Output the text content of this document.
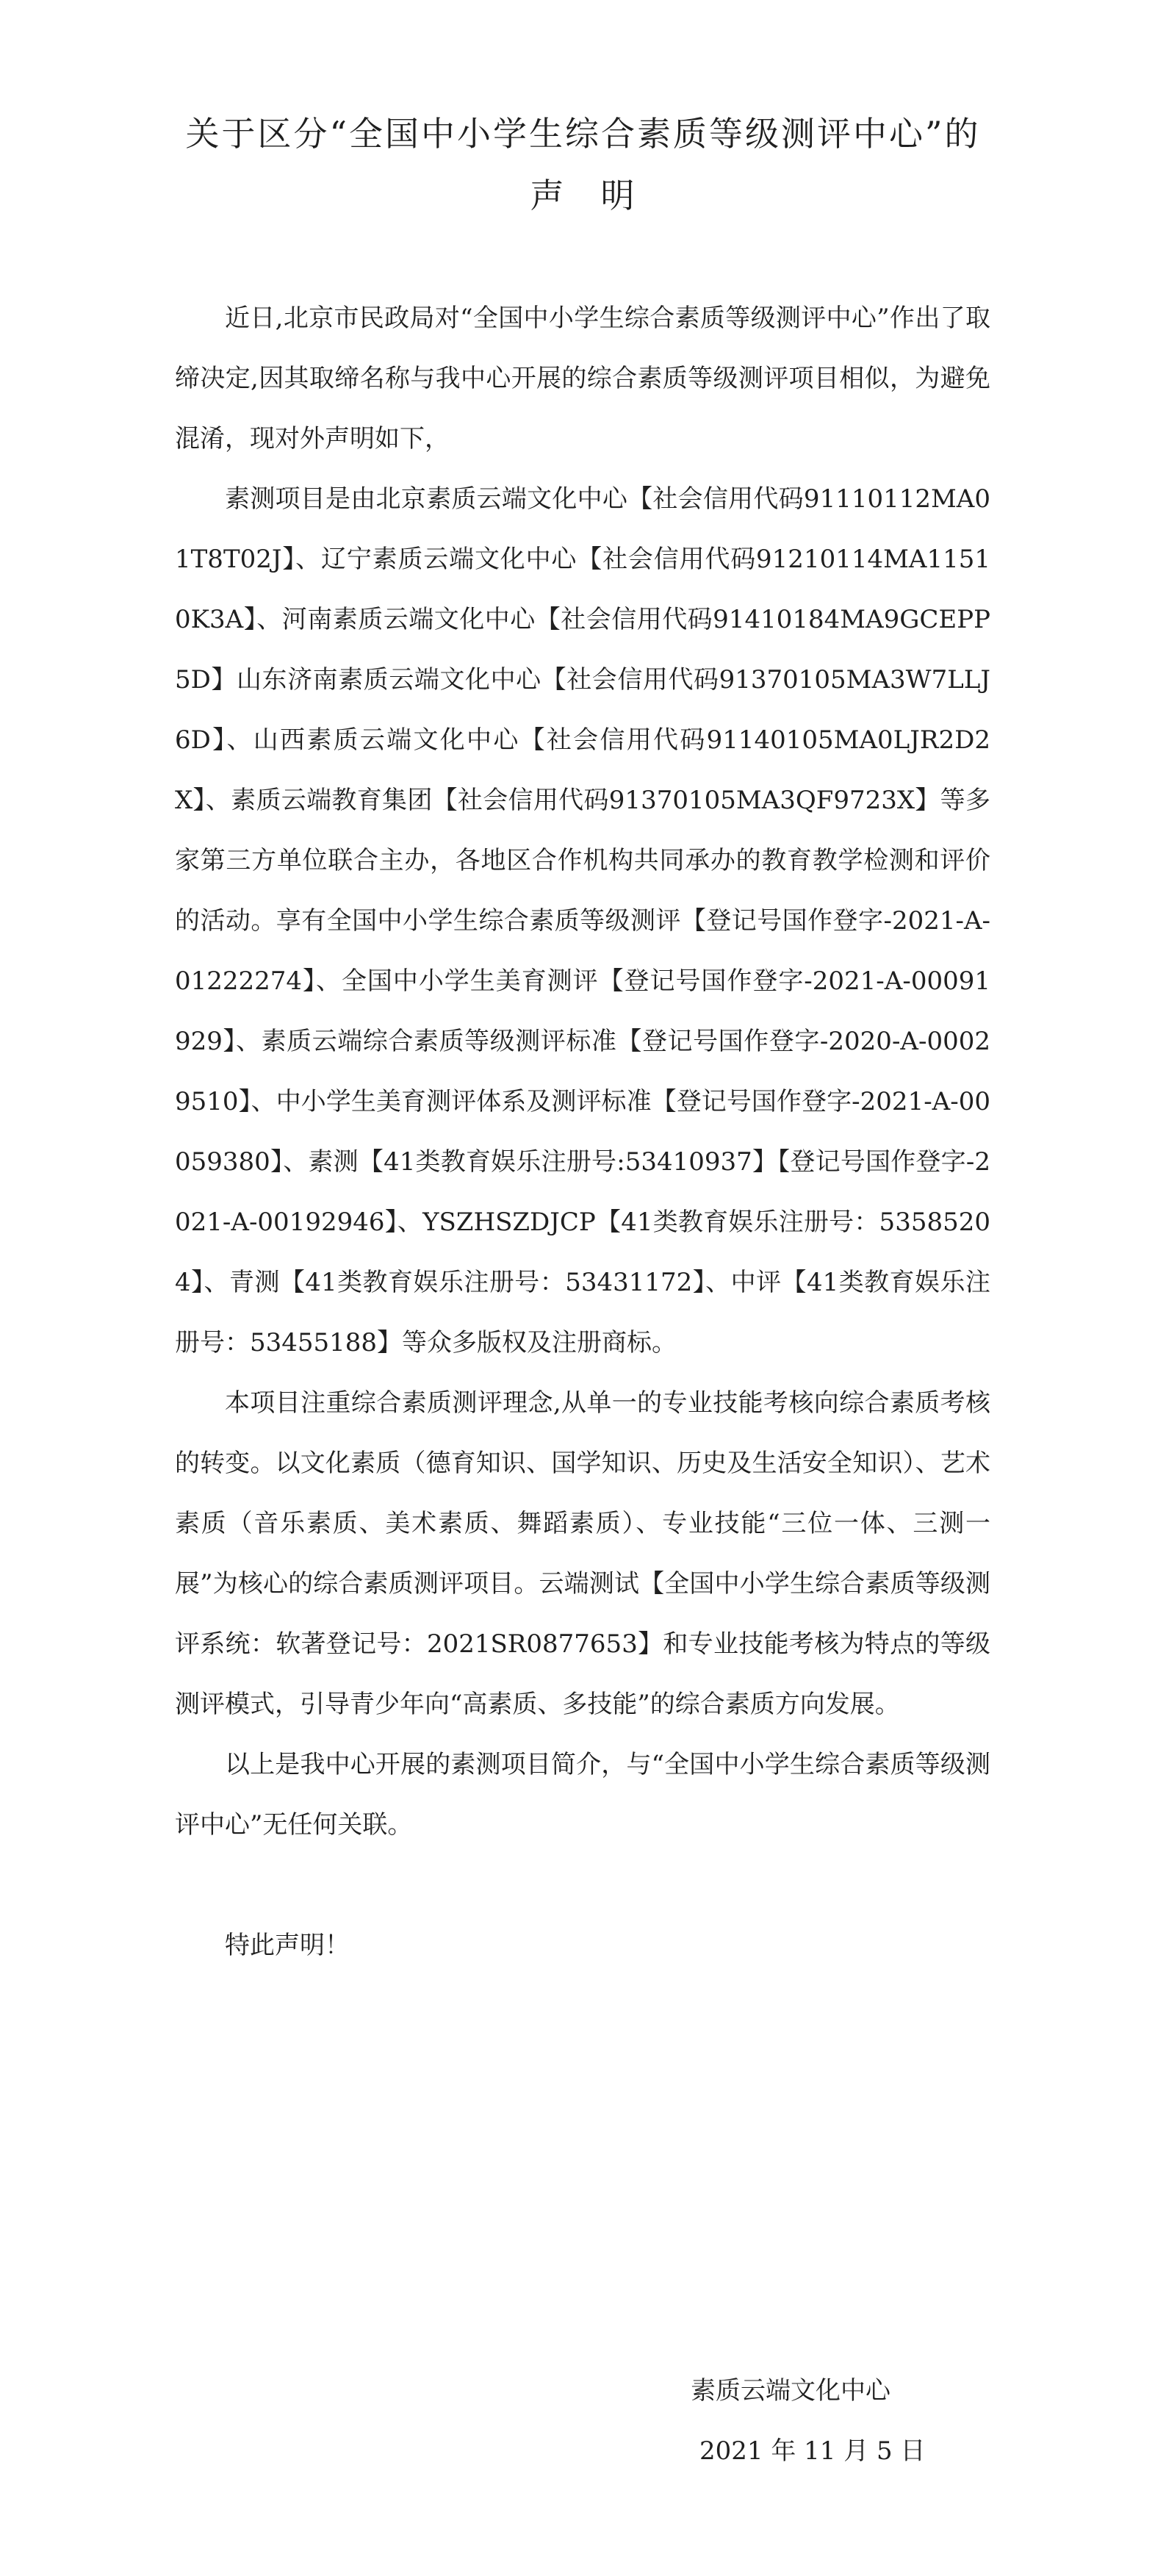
关于区分“全国中小学生综合素质等级测评中心”的
声　明

近日,北京市民政局对“全国中小学生综合素质等级测评中心”作出了取缔决定,因其取缔名称与我中心开展的综合素质等级测评项目相似，为避免混淆，现对外声明如下，

素测项目是由北京素质云端文化中心【社会信用代码91110112MA01T8T02J】、辽宁素质云端文化中心【社会信用代码91210114MA11510K3A】、河南素质云端文化中心【社会信用代码91410184MA9GCEPP5D】山东济南素质云端文化中心【社会信用代码91370105MA3W7LLJ6D】、山西素质云端文化中心【社会信用代码91140105MA0LJR2D2X】、素质云端教育集团【社会信用代码91370105MA3QF9723X】等多家第三方单位联合主办，各地区合作机构共同承办的教育教学检测和评价的活动。享有全国中小学生综合素质等级测评【登记号国作登字-2021-A-01222274】、全国中小学生美育测评【登记号国作登字-2021-A-00091929】、素质云端综合素质等级测评标准【登记号国作登字-2020-A-00029510】、中小学生美育测评体系及测评标准【登记号国作登字-2021-A-00059380】、素测【41类教育娱乐注册号:53410937】【登记号国作登字-2021-A-00192946】、YSZHSZDJCP【41类教育娱乐注册号：53585204】、青测【41类教育娱乐注册号：53431172】、中评【41类教育娱乐注册号：53455188】等众多版权及注册商标。

本项目注重综合素质测评理念,从单一的专业技能考核向综合素质考核的转变。以文化素质（德育知识、国学知识、历史及生活安全知识）、艺术素质（音乐素质、美术素质、舞蹈素质）、专业技能“三位一体、三测一展”为核心的综合素质测评项目。云端测试【全国中小学生综合素质等级测评系统：软著登记号：2021SR0877653】和专业技能考核为特点的等级测评模式，引导青少年向“高素质、多技能”的综合素质方向发展。

以上是我中心开展的素测项目简介，与“全国中小学生综合素质等级测评中心”无任何关联。

特此声明！

素质云端文化中心
2021 年 11 月 5 日
